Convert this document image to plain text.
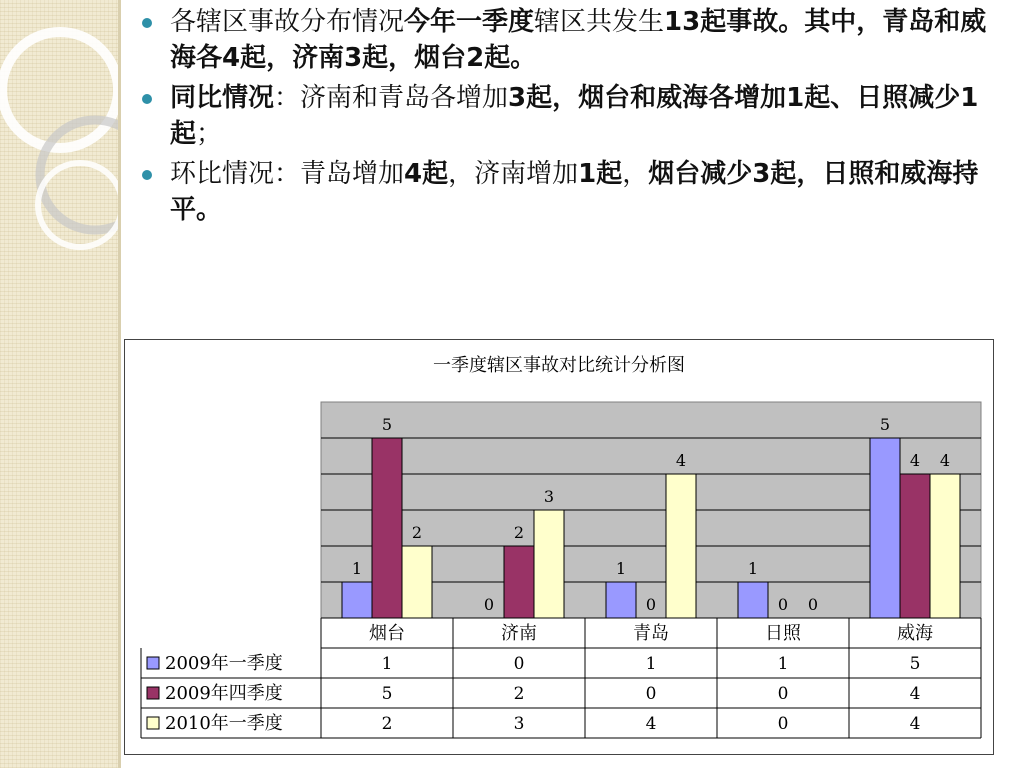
各辖区事故分布情况今年一季度辖区共发生13起事故。其中，青岛和威海各4起，济南3起，烟台2起。
同比情况：济南和青岛各增加3起，烟台和威海各增加1起、日照减少1起；
环比情况：青岛增加4起，济南增加1起，烟台减少3起，日照和威海持平。
一季度辖区事故对比统计分析图
1
5
2
0
2
3
1
0
4
1
0 0
5
4 4
烟台	济南	青岛	日照	威海
2009年一季度	1	0	1	1	5
2009年四季度	5	2	0	0	4
2010年一季度	2	3	4	0	4
